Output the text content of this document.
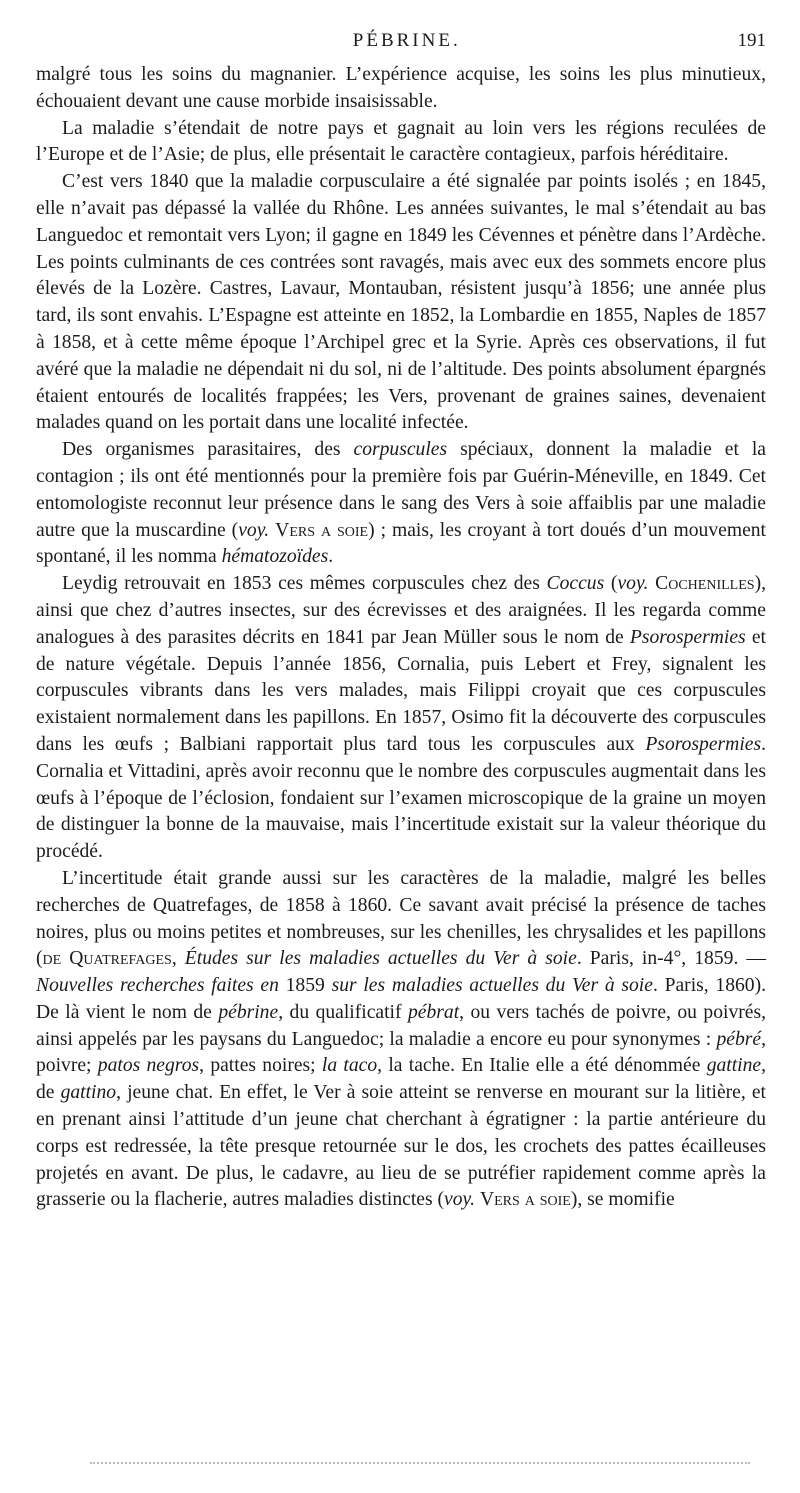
PÉBRINE.	191

malgré tous les soins du magnanier. L’expérience acquise, les soins les plus minutieux, échouaient devant une cause morbide insaisissable.

La maladie s’étendait de notre pays et gagnait au loin vers les régions reculées de l’Europe et de l’Asie; de plus, elle présentait le caractère contagieux, parfois héréditaire.

C’est vers 1840 que la maladie corpusculaire a été signalée par points isolés ; en 1845, elle n’avait pas dépassé la vallée du Rhône. Les années suivantes, le mal s’étendait au bas Languedoc et remontait vers Lyon; il gagne en 1849 les Cévennes et pénètre dans l’Ardèche. Les points culminants de ces contrées sont ravagés, mais avec eux des sommets encore plus élevés de la Lozère. Castres, Lavaur, Montauban, résistent jusqu’à 1856; une année plus tard, ils sont envahis. L’Espagne est atteinte en 1852, la Lombardie en 1855, Naples de 1857 à 1858, et à cette même époque l’Archipel grec et la Syrie. Après ces observations, il fut avéré que la maladie ne dépendait ni du sol, ni de l’altitude. Des points absolument épargnés étaient entourés de localités frappées; les Vers, provenant de graines saines, devenaient malades quand on les portait dans une localité infectée.

Des organismes parasitaires, des corpuscules spéciaux, donnent la maladie et la contagion ; ils ont été mentionnés pour la première fois par Guérin-Méneville, en 1849. Cet entomologiste reconnut leur présence dans le sang des Vers à soie affaiblis par une maladie autre que la muscardine (voy. Vers a soie) ; mais, les croyant à tort doués d’un mouvement spontané, il les nomma hématozoïdes.

Leydig retrouvait en 1853 ces mêmes corpuscules chez des Coccus (voy. Cochenilles), ainsi que chez d’autres insectes, sur des écrevisses et des araignées. Il les regarda comme analogues à des parasites décrits en 1841 par Jean Müller sous le nom de Psorospermies et de nature végétale. Depuis l’année 1856, Cornalia, puis Lebert et Frey, signalent les corpuscules vibrants dans les vers malades, mais Filippi croyait que ces corpuscules existaient normalement dans les papillons. En 1857, Osimo fit la découverte des corpuscules dans les œufs ; Balbiani rapportait plus tard tous les corpuscules aux Psorospermies. Cornalia et Vittadini, après avoir reconnu que le nombre des corpuscules augmentait dans les œufs à l’époque de l’éclosion, fondaient sur l’examen microscopique de la graine un moyen de distinguer la bonne de la mauvaise, mais l’incertitude existait sur la valeur théorique du procédé.

L’incertitude était grande aussi sur les caractères de la maladie, malgré les belles recherches de Quatrefages, de 1858 à 1860. Ce savant avait précisé la présence de taches noires, plus ou moins petites et nombreuses, sur les chenilles, les chrysalides et les papillons (de Quatrefages, Études sur les maladies actuelles du Ver à soie. Paris, in-4°, 1859. — Nouvelles recherches faites en 1859 sur les maladies actuelles du Ver à soie. Paris, 1860). De là vient le nom de pébrine, du qualificatif pébrat, ou vers tachés de poivre, ou poivrés, ainsi appelés par les paysans du Languedoc; la maladie a encore eu pour synonymes : pébré, poivre; patos negros, pattes noires; la taco, la tache. En Italie elle a été dénommée gattine, de gattino, jeune chat. En effet, le Ver à soie atteint se renverse en mourant sur la litière, et en prenant ainsi l’attitude d’un jeune chat cherchant à égratigner : la partie antérieure du corps est redressée, la tête presque retournée sur le dos, les crochets des pattes écailleuses projetés en avant. De plus, le cadavre, au lieu de se putréfier rapidement comme après la grasserie ou la flacherie, autres maladies distinctes (voy. Vers a soie), se momifie
